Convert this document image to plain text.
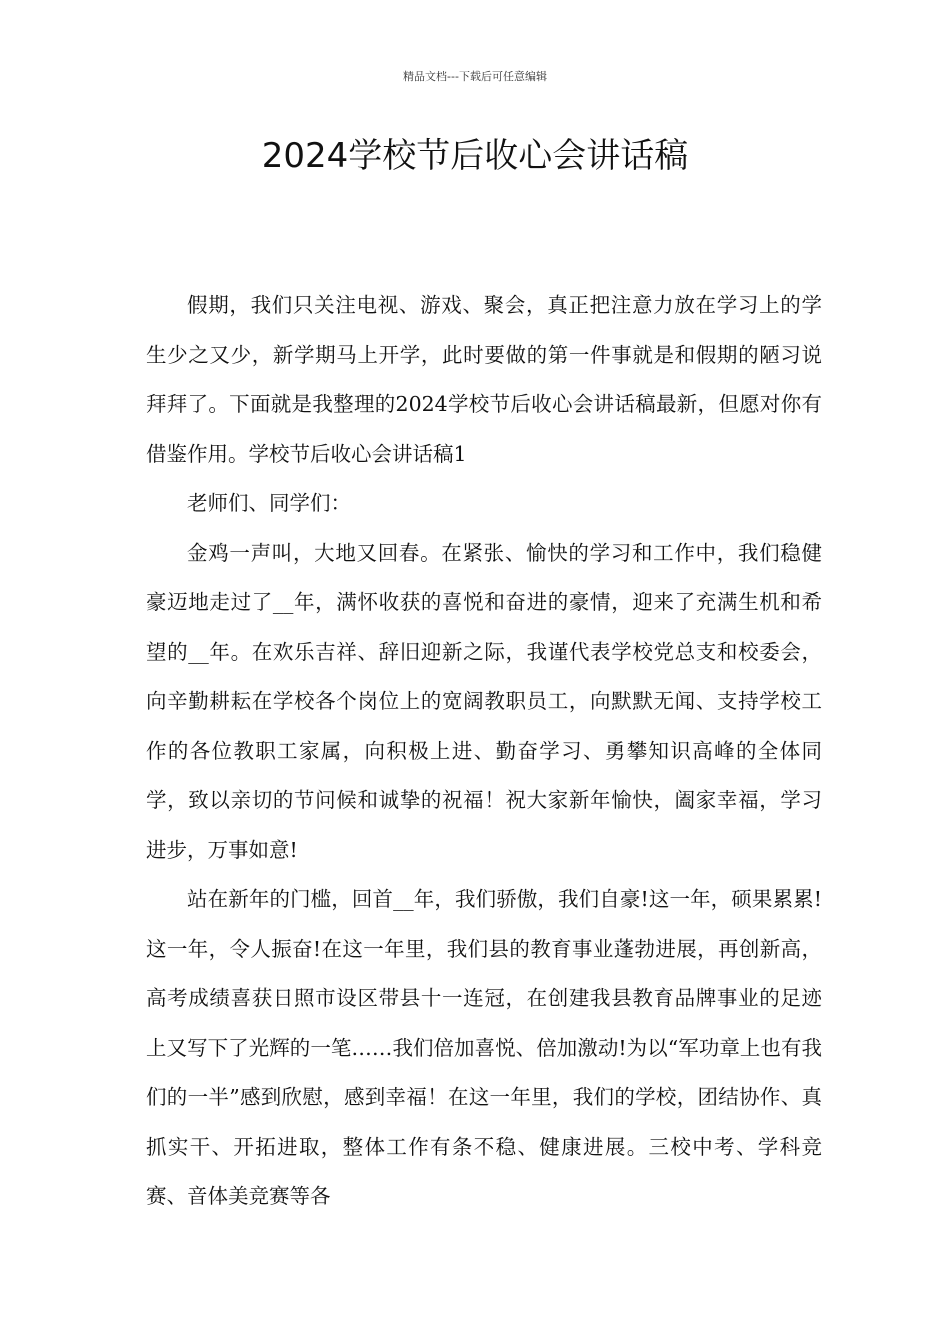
精品文档---下载后可任意编辑
2024学校节后收心会讲话稿

假期，我们只关注电视、游戏、聚会，真正把注意力放在学习上的学生少之又少，新学期马上开学，此时要做的第一件事就是和假期的陋习说拜拜了。下面就是我整理的2024学校节后收心会讲话稿最新，但愿对你有借鉴作用。学校节后收心会讲话稿1

老师们、同学们：

金鸡一声叫，大地又回春。在紧张、愉快的学习和工作中，我们稳健豪迈地走过了__年，满怀收获的喜悦和奋进的豪情，迎来了充满生机和希望的__年。在欢乐吉祥、辞旧迎新之际，我谨代表学校党总支和校委会，向辛勤耕耘在学校各个岗位上的宽阔教职员工，向默默无闻、支持学校工作的各位教职工家属，向积极上进、勤奋学习、勇攀知识高峰的全体同学，致以亲切的节问候和诚挚的祝福！祝大家新年愉快，阖家幸福，学习进步，万事如意!

站在新年的门槛，回首__年，我们骄傲，我们自豪!这一年，硕果累累!这一年，令人振奋!在这一年里，我们县的教育事业蓬勃进展，再创新高，高考成绩喜获日照市设区带县十一连冠，在创建我县教育品牌事业的足迹上又写下了光辉的一笔……我们倍加喜悦、倍加激动!为以“军功章上也有我们的一半”感到欣慰，感到幸福！在这一年里，我们的学校，团结协作、真抓实干、开拓进取，整体工作有条不稳、健康进展。三校中考、学科竞赛、音体美竞赛等各
